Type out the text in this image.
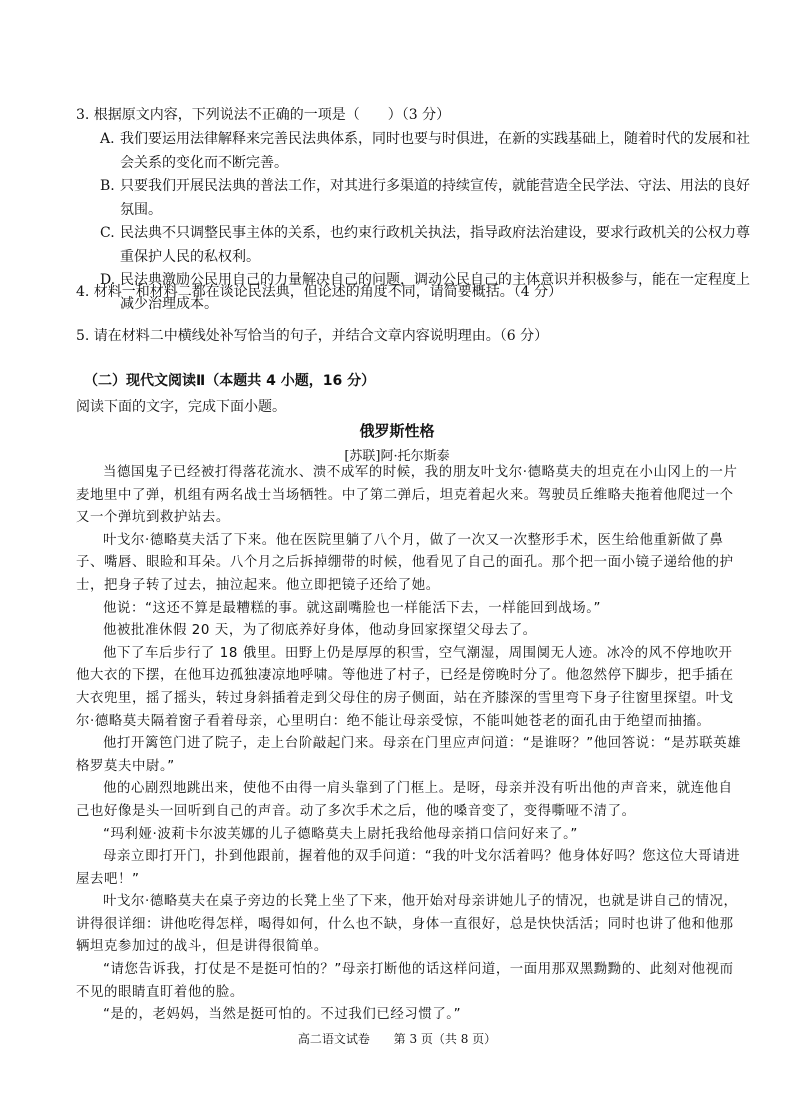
3. 根据原文内容，下列说法不正确的一项是（　　）（3 分）

A. 我们要运用法律解释来完善民法典体系，同时也要与时俱进，在新的实践基础上，随着时代的发展和社会关系的变化而不断完善。

B. 只要我们开展民法典的普法工作，对其进行多渠道的持续宣传，就能营造全民学法、守法、用法的良好氛围。

C. 民法典不只调整民事主体的关系，也约束行政机关执法，指导政府法治建设，要求行政机关的公权力尊重保护人民的私权利。

D. 民法典激励公民用自己的力量解决自己的问题，调动公民自己的主体意识并积极参与，能在一定程度上减少治理成本。

4. 材料一和材料二都在谈论民法典，但论述的角度不同，请简要概括。（4 分）
5. 请在材料二中横线处补写恰当的句子，并结合文章内容说明理由。（6 分）
（二）现代文阅读Ⅱ（本题共 4 小题，16 分）
阅读下面的文字，完成下面小题。
俄罗斯性格
[苏联]阿·托尔斯泰

当德国鬼子已经被打得落花流水、溃不成军的时候，我的朋友叶戈尔·德略莫夫的坦克在小山冈上的一片麦地里中了弹，机组有两名战士当场牺牲。中了第二弹后，坦克着起火来。驾驶员丘维略夫拖着他爬过一个又一个弹坑到救护站去。

叶戈尔·德略莫夫活了下来。他在医院里躺了八个月，做了一次又一次整形手术，医生给他重新做了鼻子、嘴唇、眼睑和耳朵。八个月之后拆掉绷带的时候，他看见了自己的面孔。那个把一面小镜子递给他的护士，把身子转了过去，抽泣起来。他立即把镜子还给了她。

他说：“这还不算是最糟糕的事。就这副嘴脸也一样能活下去，一样能回到战场。”

他被批准休假 20 天，为了彻底养好身体，他动身回家探望父母去了。

他下了车后步行了 18 俄里。田野上仍是厚厚的积雪，空气潮湿，周围阒无人迹。冰冷的风不停地吹开他大衣的下摆，在他耳边孤独凄凉地呼啸。等他进了村子，已经是傍晚时分了。他忽然停下脚步，把手插在大衣兜里，摇了摇头，转过身斜插着走到父母住的房子侧面，站在齐膝深的雪里弯下身子往窗里探望。叶戈尔·德略莫夫隔着窗子看着母亲，心里明白：绝不能让母亲受惊，不能叫她苍老的面孔由于绝望而抽搐。

他打开篱笆门进了院子，走上台阶敲起门来。母亲在门里应声问道：“是谁呀？”他回答说：“是苏联英雄格罗莫夫中尉。”

他的心剧烈地跳出来，使他不由得一肩头靠到了门框上。是呀，母亲并没有听出他的声音来，就连他自己也好像是头一回听到自己的声音。动了多次手术之后，他的嗓音变了，变得嘶哑不清了。

“玛利娅·波莉卡尔波芙娜的儿子德略莫夫上尉托我给他母亲捎口信问好来了。”

母亲立即打开门，扑到他跟前，握着他的双手问道：“我的叶戈尔活着吗？他身体好吗？您这位大哥请进屋去吧！”

叶戈尔·德略莫夫在桌子旁边的长凳上坐了下来，他开始对母亲讲她儿子的情况，也就是讲自己的情况，讲得很详细：讲他吃得怎样，喝得如何，什么也不缺，身体一直很好，总是快快活活；同时也讲了他和他那辆坦克参加过的战斗，但是讲得很简单。

“请您告诉我，打仗是不是挺可怕的？”母亲打断他的话这样问道，一面用那双黑黝黝的、此刻对他视而不见的眼睛直盯着他的脸。

“是的，老妈妈，当然是挺可怕的。不过我们已经习惯了。”

高二语文试卷 第 3 页（共 8 页）
